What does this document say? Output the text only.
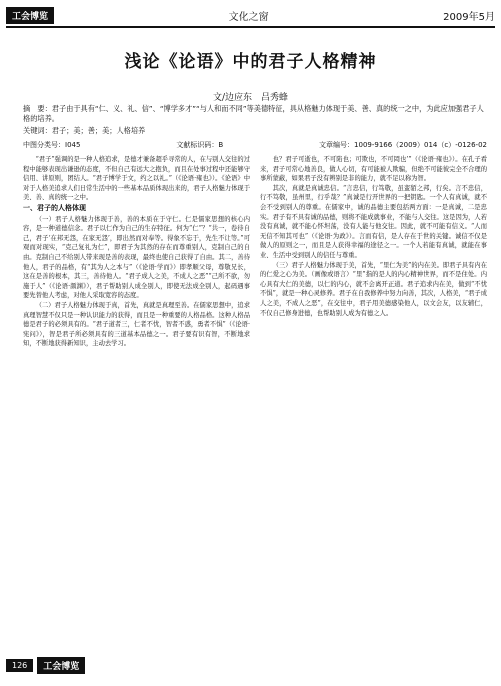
工会博览	文化之窗	2009年5月
浅论《论语》中的君子人格精神
文/边应东　吕秀蜂
摘　要：君子由于具有“仁、义、礼、信”、“博学多才”“与人和而不同”等美德特征，具从格魅力体现于美、善、真的统一之中，为此应加强君子人格的培养。
关键词：君子；美；善；美；人格培养
中图分类号：I045	文献标识码：B	文章编号：1009-9166（2009）014（c）-0126-02

“君子”强调的是一种人格追求，是德才兼备超乎寻常的人，在与别人交往的过程中能够表现出谦逊的态度，不但自己有远大之抱负，而且在处事过程中还能够守信用、讲原则，团结人。“君子博学于文，约之以礼。”（《论语·雍也》）。《论语》中对于人格美追求人们日常生活中的一些基本品质体现出来的，君子人格魅力体现于美、善、真的统一之中。

一、君子的人格体现

（一）君子人格魅力体现于善，善的本质在于守仁。仁是儒家思想的核心内容，是一种道德信念。君子以仁作为自己的生存特征。何为“仁”？“共一，卷待自己，君子‘在邦无怨，在家无怨’，即出然而对奉等。得象不忘于，先生不让等。”可观而对现实，“克己复礼为仁”，即君子为其然的存在而尊重别人，克制自己的自由。克制自己不给别人带来现是善的表现，最终也使自己获得了自由。其二，善待他人，君子的品格，有“其为人之本与”（《论语·学而》）即孝顺父母，尊敬兄长，这在是善的根本，其三，善待他人。“君子成人之美，不成人之恶”“己所不欲，勿施于人”（《论语·颜渊》），君子帮助别人成全别人，即使无法成全别人，起码遇事要先替他人考虑，对他人采取宽容的态度。

（二）君子人格魅力体现于真，首先，真就是真理至善。在儒家思想中，追求真理智慧不仅只是一种认识能力的获得，而且是一种重要的人格品格。这种人格品德是君子的必须具有的。“君子道者三，仁者不忧，智者不惑，勇者不惧”（《论语·宪问》），智是君子所必须具有的三道基本品德之一。君子要有识有智，不断地求知，不断地获得新知识，主动去学习。

也？君子可逝也，不可陷也；可欺也，不可罔也’”（《论语·雍也》）。在孔子看来，君子可常心地善良，做人心切，有可能被人欺骗，但绝不可能彼完全不合理的事所蒙蔽，如果君子没有辨别是非的能力，就不足以称为智。

其次，真就是真诚忠信。“言忠信，行笃敬，虽蛮貊之邦，行矣。言不忠信，行不笃敬，虽州里，行乎哉？”真诚是行开世界的一把钥匙。一个人有真诚，就不会不受到别人的尊重。在儒家中，诚的品德主要包括两方面：一是真诚，二是忠实。君子有不具有诚的品德，则将不能成就事业，不能与人交往。这是因为，人若没有真诚，就不能心怀坦荡，没有人能与他交往。因此，就不可能有信义。“人而无信不知其可也”（《论语·为政》）。言而有信，是人存在于世的关键。诚信不仅是做人的原则之一，而且是人获得幸福的途径之一。一个人若能有真诚，就能在事业、生活中受到别人的信任与尊重。

（三）君子人格魅力体现于美，首先，“里仁为美”的内在美。即君子具有内在的仁爱之心为美。（画像或语言）“里”指的是人的内心精神世界，而不是住处。内心具有大仁的美德，以仁的内心，就不会离开正道。君子追求内在美，做到“不忧不惧”，就是一种心灵修养。君子在自我修养中努力向善，其次，人格美，“君子成人之美，不成人之恶”，在交往中，君子用美德感染他人，以文会友，以友辅仁，不仅自己修身进德，也帮助别人成为有德之人。

126	工会博览
